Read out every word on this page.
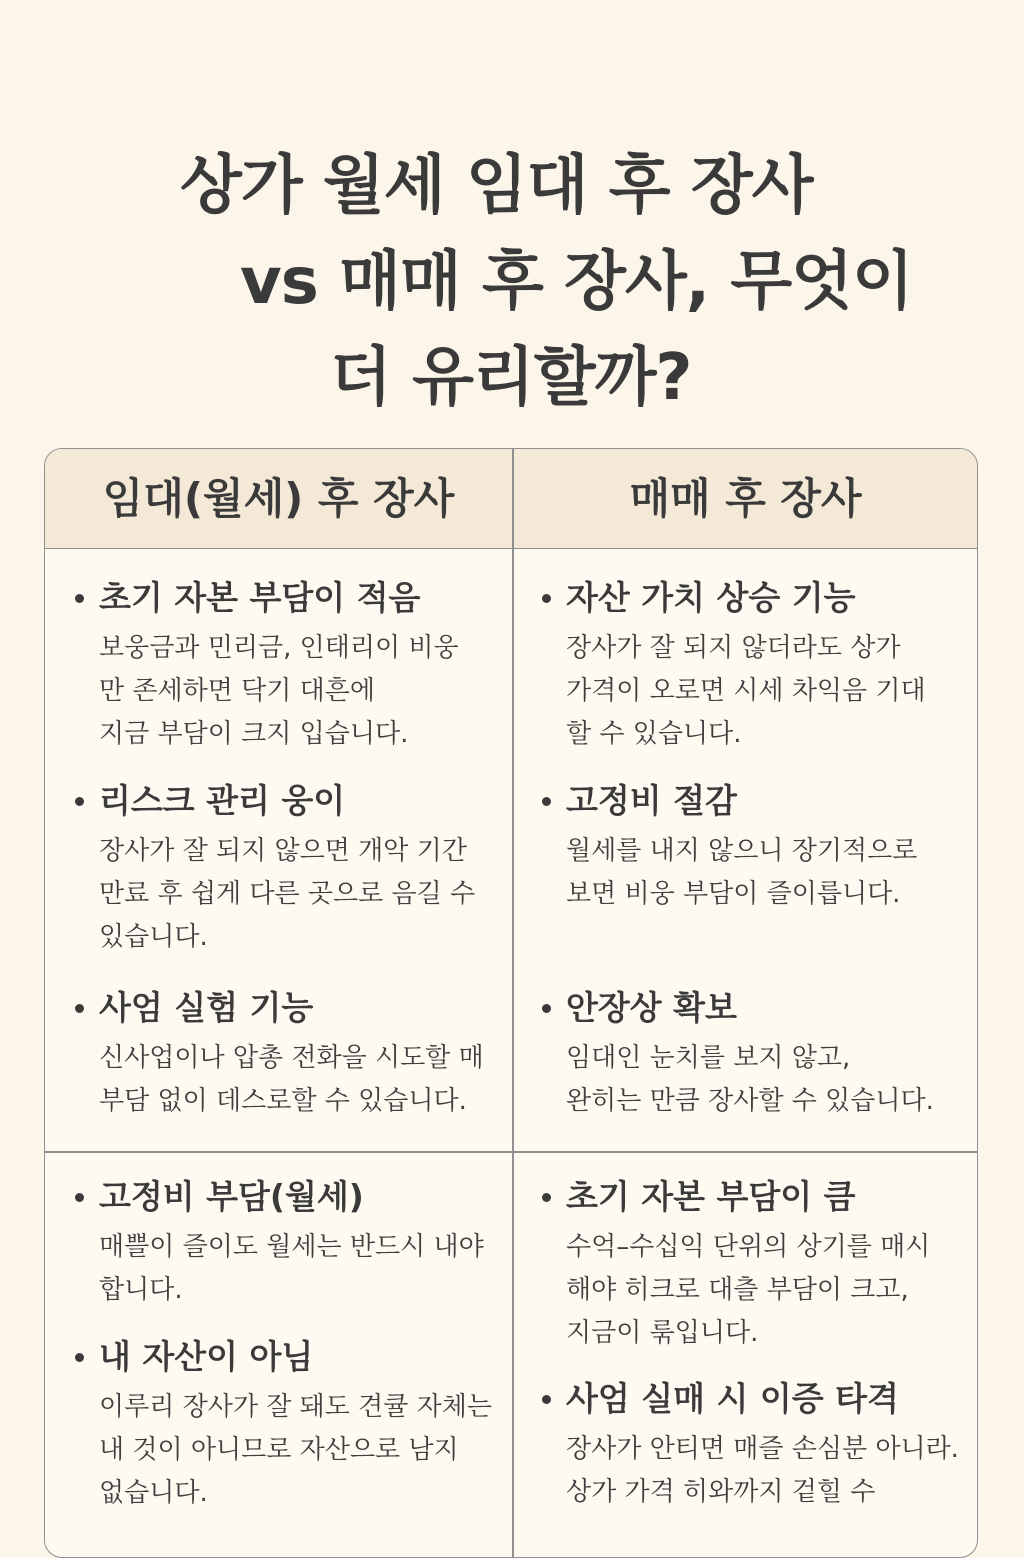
상가 월세 임대 후 장사
vs 매매 후 장사, 무엇이
더 유리할까?
임대(월세) 후 장사	매매 후 장사
초기 자본 부담이 적음
보웅금과 민리금, 인태리이 비웅
만 존세하면 닥기 대흔에
지금 부담이 크지 입습니다.
리스크 관리 웅이
장사가 잘 되지 않으면 개악 기간
만료 후 쉽게 다른 곳으로 음길 수
있습니다.
사엄 실험 기능
신사업이나 압총 전화을 시도할 매
부담 없이 데스로할 수 있습니다.
자산 가치 상승 기능
장사가 잘 되지 않더라도 상가
가격이 오로면 시세 차익음 기대
할 수 있습니다.
고정비 절감
월세를 내지 않으니 장기적으로
보면 비웅 부담이 즐이릅니다.
안장상 확보
임대인 눈치를 보지 않고,
완히는 만큼 장사할 수 있습니다.
고정비 부담(월세)
매쁠이 즐이도 월세는 반드시 내야
합니다.
내 자산이 아님
이루리 장사가 잘 돼도 견큘 자체는
내 것이 아니므로 자산으로 남지
없습니다.
초기 자본 부담이 큼
수억–수십익 단위의 상기를 매시
해야 히크로 대츨 부담이 크고,
지금이 룪입니다.
사엄 실매 시 이증 타격
장사가 안티면 매즐 손심분 아니라.
상가 가격 히와까지 겉힐 수
